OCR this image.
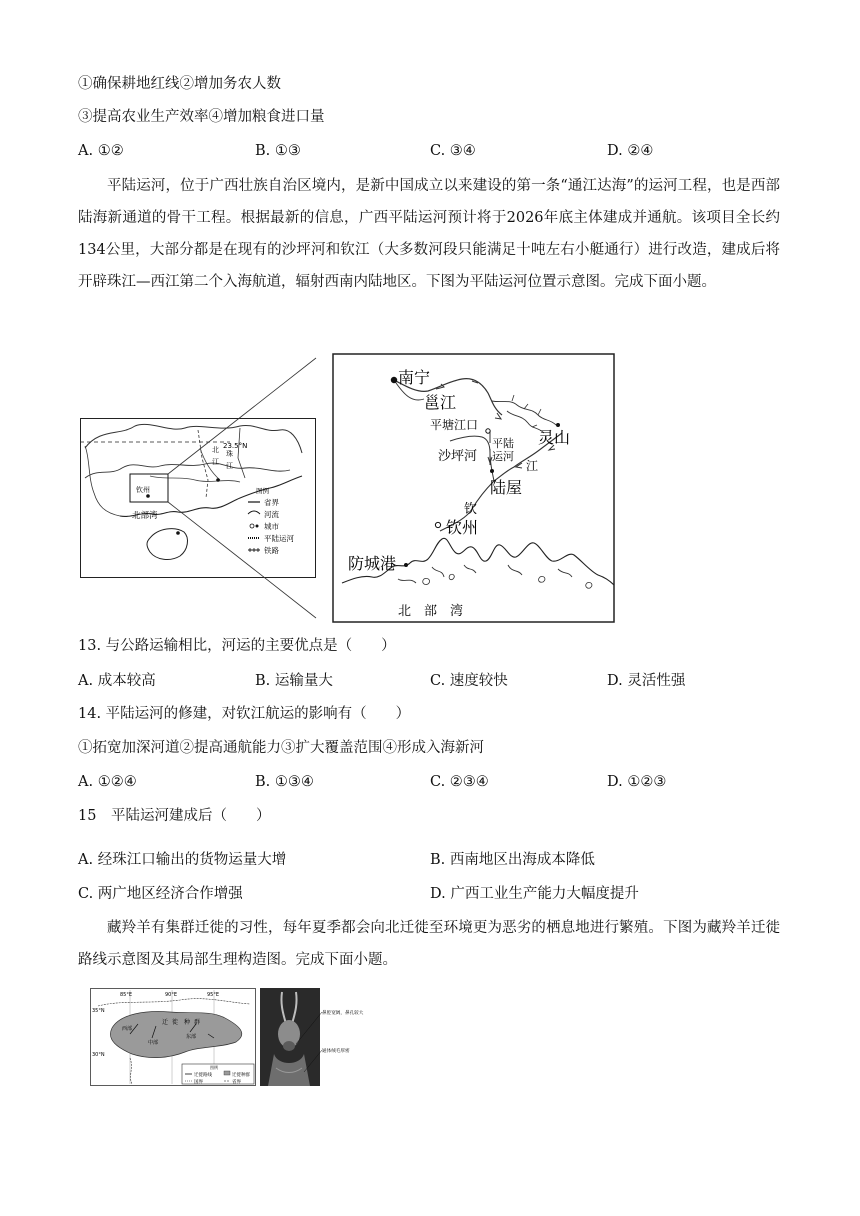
①确保耕地红线②增加务农人数
③提高农业生产效率④增加粮食进口量
A. ①②	B. ①③	C. ③④	D. ②④
平陆运河，位于广西壮族自治区境内，是新中国成立以来建设的第一条“通江达海”的运河工程，也是西部陆海新通道的骨干工程。根据最新的信息，广西平陆运河预计将于2026年底主体建成并通航。该项目全长约134公里，大部分都是在现有的沙坪河和钦江（大多数河段只能满足十吨左右小艇通行）进行改造，建成后将开辟珠江—西江第二个入海航道，辐射西南内陆地区。下图为平陆运河位置示意图。完成下面小题。
23.5°N
北部湾
钦州
北
江
珠
江
图例
省界
河流
城市
平陆运河
铁路
南宁
邕江
平塘江口
平陆
运河
沙坪河
灵山
江
陆屋
钦
钦州
防城港
北　部　湾
13. 与公路运输相比，河运的主要优点是（　　）
A. 成本较高	B. 运输量大	C. 速度较快	D. 灵活性强
14. 平陆运河的修建，对钦江航运的影响有（　　）
①拓宽加深河道②提高通航能力③扩大覆盖范围④形成入海新河
A. ①②④	B. ①③④	C. ②③④	D. ①②③
15　平陆运河建成后（　　）
A. 经珠江口输出的货物运量大增	B. 西南地区出海成本降低
C. 两广地区经济合作增强	D. 广西工业生产能力大幅度提升
藏羚羊有集群迁徙的习性，每年夏季都会向北迁徙至环境更为恶劣的栖息地进行繁殖。下图为藏羚羊迁徙路线示意图及其局部生理构造图。完成下面小题。
85°E	90°E	95°E
35°N
30°N
迁 徙 种 群
西部
中部
东部
图例
迁徙路线	迁徙种群
国界	省界
鼻腔宽阔，鼻孔较大
通体绒毛厚密
